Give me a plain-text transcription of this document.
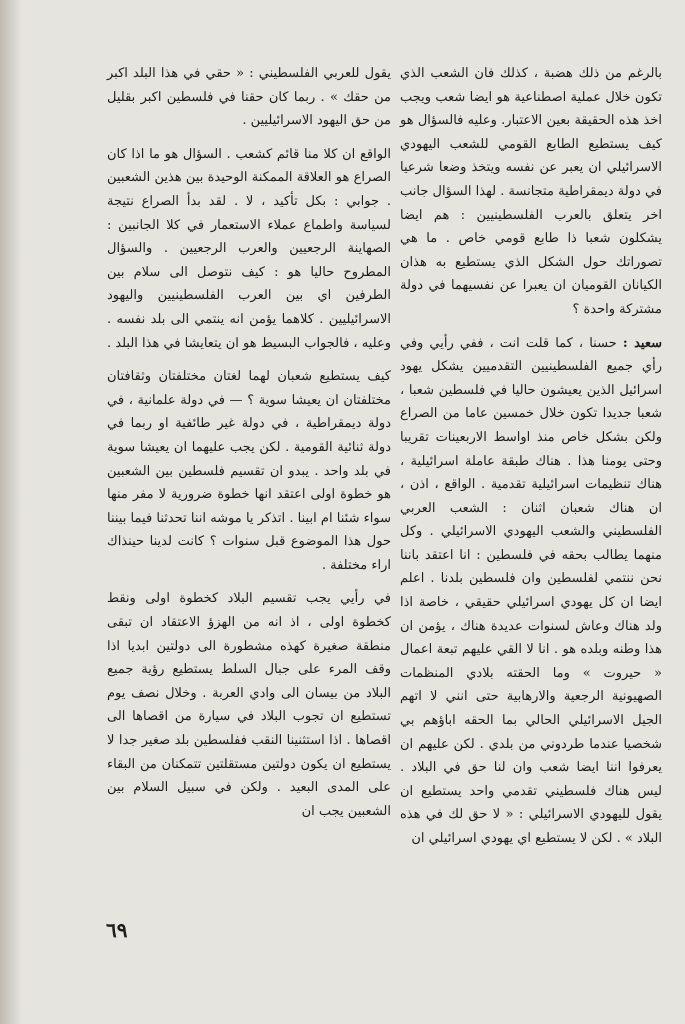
بالرغم من ذلك هضبة ، كذلك فان الشعب الذي تكون خلال عملية اصطناعية هو ايضا شعب ويجب اخذ هذه الحقيقة بعين الاعتبار. وعليه فالسؤال هو كيف يستطيع الطابع القومي للشعب اليهودي الاسرائيلي ان يعبر عن نفسه ويتخذ وضعا شرعيا في دولة ديمقراطية متجانسة . لهذا السؤال جانب اخر يتعلق بالعرب الفلسطينيين : هم ايضا يشكلون شعبا ذا طابع قومي خاص . ما هي تصوراتك حول الشكل الذي يستطيع به هذان الكيانان القوميان ان يعبرا عن نفسيهما في دولة مشتركة واحدة ؟

سعيد : حسنا ، كما قلت انت ، ففي رأيي وفي رأي جميع الفلسطينيين التقدميين يشكل يهود اسرائيل الذين يعيشون حاليا في فلسطين شعبا ، شعبا جديدا تكون خلال خمسين عاما من الصراع ولكن بشكل خاص منذ اواسط الاربعينات تقريبا وحتى يومنا هذا . هناك طبقة عاملة اسرائيلية ، هناك تنظيمات اسرائيلية تقدمية . الواقع ، اذن ، ان هناك شعبان اثنان : الشعب العربي الفلسطيني والشعب اليهودي الاسرائيلي . وكل منهما يطالب بحقه في فلسطين : انا اعتقد باننا نحن ننتمي لفلسطين وان فلسطين بلدنا . اعلم ايضا ان كل يهودي اسرائيلي حقيقي ، خاصة اذا ولد هناك وعاش لسنوات عديدة هناك ، يؤمن ان هذا وطنه وبلده هو . انا لا القي عليهم تبعة اعمال « حيروت » وما الحقته بلادي المنظمات الصهيونية الرجعية والارهابية حتى انني لا اتهم الجيل الاسرائيلي الحالي بما الحقه اباؤهم بي شخصيا عندما طردوني من بلدي . لكن عليهم ان يعرفوا اننا ايضا شعب وان لنا حق في البلاد . ليس هناك فلسطيني تقدمي واحد يستطيع ان يقول لليهودي الاسرائيلي : « لا حق لك في هذه البلاد » . لكن لا يستطيع اي يهودي اسرائيلي ان

يقول للعربي الفلسطيني : « حقي في هذا البلد اكبر من حقك » . ربما كان حقنا في فلسطين اكبر بقليل من حق اليهود الاسرائيليين .

الواقع ان كلا منا قائم كشعب . السؤال هو ما اذا كان الصراع هو العلاقة الممكنة الوحيدة بين هذين الشعبين . جوابي : بكل تأكيد ، لا . لقد بدأ الصراع نتيجة لسياسة واطماع عملاء الاستعمار في كلا الجانبين : الصهاينة الرجعيين والعرب الرجعيين . والسؤال المطروح حاليا هو : كيف نتوصل الى سلام بين الطرفين اي بين العرب الفلسطينيين واليهود الاسرائيليين . كلاهما يؤمن انه ينتمي الى بلد نفسه . وعليه ، فالجواب البسيط هو ان يتعايشا في هذا البلد .

كيف يستطيع شعبان لهما لغتان مختلفتان وثقافتان مختلفتان ان يعيشا سوية ؟ — في دولة علمانية ، في دولة ديمقراطية ، في دولة غير طائفية او ربما في دولة ثنائية القومية . لكن يجب عليهما ان يعيشا سوية في بلد واحد . يبدو ان تقسيم فلسطين بين الشعبين هو خطوة اولى اعتقد انها خطوة ضرورية لا مفر منها سواء شئنا ام ابينا . اتذكر يا موشه اننا تحدثنا فيما بيننا حول هذا الموضوع قبل سنوات ؟ كانت لدينا حينذاك اراء مختلفة .

في رأيي يجب تقسيم البلاد كخطوة اولى ونقط كخطوة اولى ، اذ انه من الهزؤ الاعتقاد ان تبقى منطقة صغيرة كهذه مشطورة الى دولتين ابديا اذا وقف المرء على جبال السلط يستطيع رؤية جميع البلاد من بيسان الى وادي العربة . وخلال نصف يوم تستطيع ان تجوب البلاد في سيارة من اقصاها الى اقصاها . اذا استثنينا النقب ففلسطين بلد صغير جدا لا يستطيع ان يكون دولتين مستقلتين تتمكنان من البقاء على المدى البعيد . ولكن في سبيل السلام بين الشعبين يجب ان

٦٩
